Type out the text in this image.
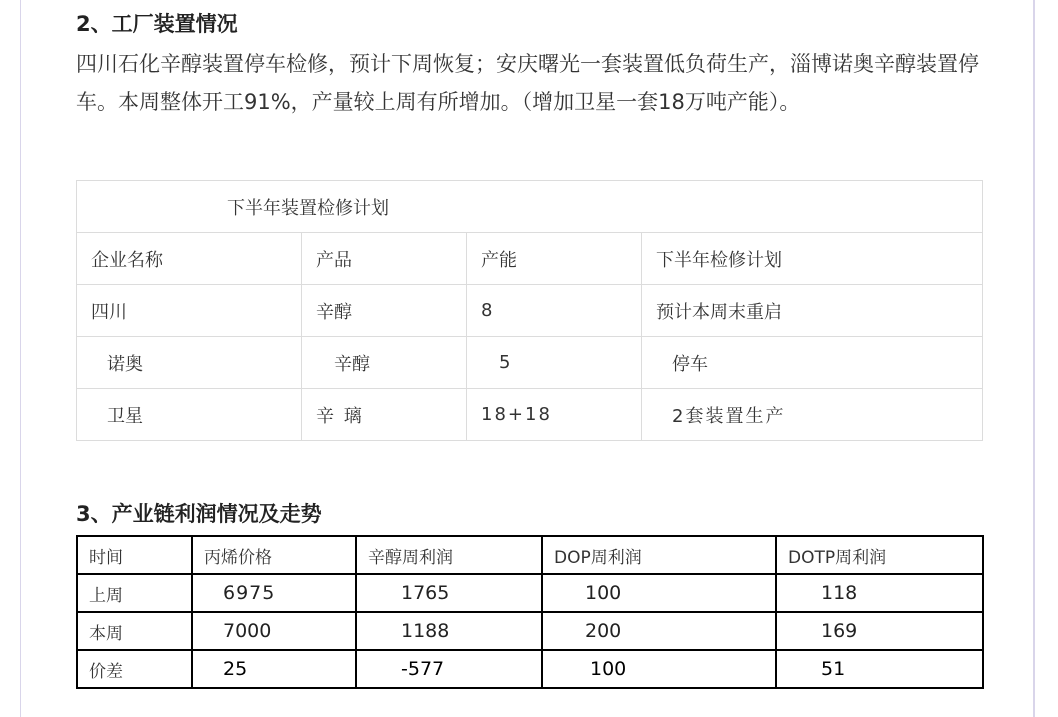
2、工厂装置情况

四川石化辛醇装置停车检修，预计下周恢复；安庆曙光一套装置低负荷生产，淄博诺奥辛醇装置停车。本周整体开工91%，产量较上周有所增加。（增加卫星一套18万吨产能）。

下半年装置检修计划			
企业名称	产品	产能	下半年检修计划
四川	辛醇	8	预计本周末重启
诺奥	辛醇	5	停车
卫星	辛 璃	18+18	2套装置生产
3、产业链利润情况及走势
时间	丙烯价格	辛醇周利润	DOP周利润	DOTP周利润
上周	6975	1765	100	118
本周	7000	1188	200	169
价差	25	-577	100	51
